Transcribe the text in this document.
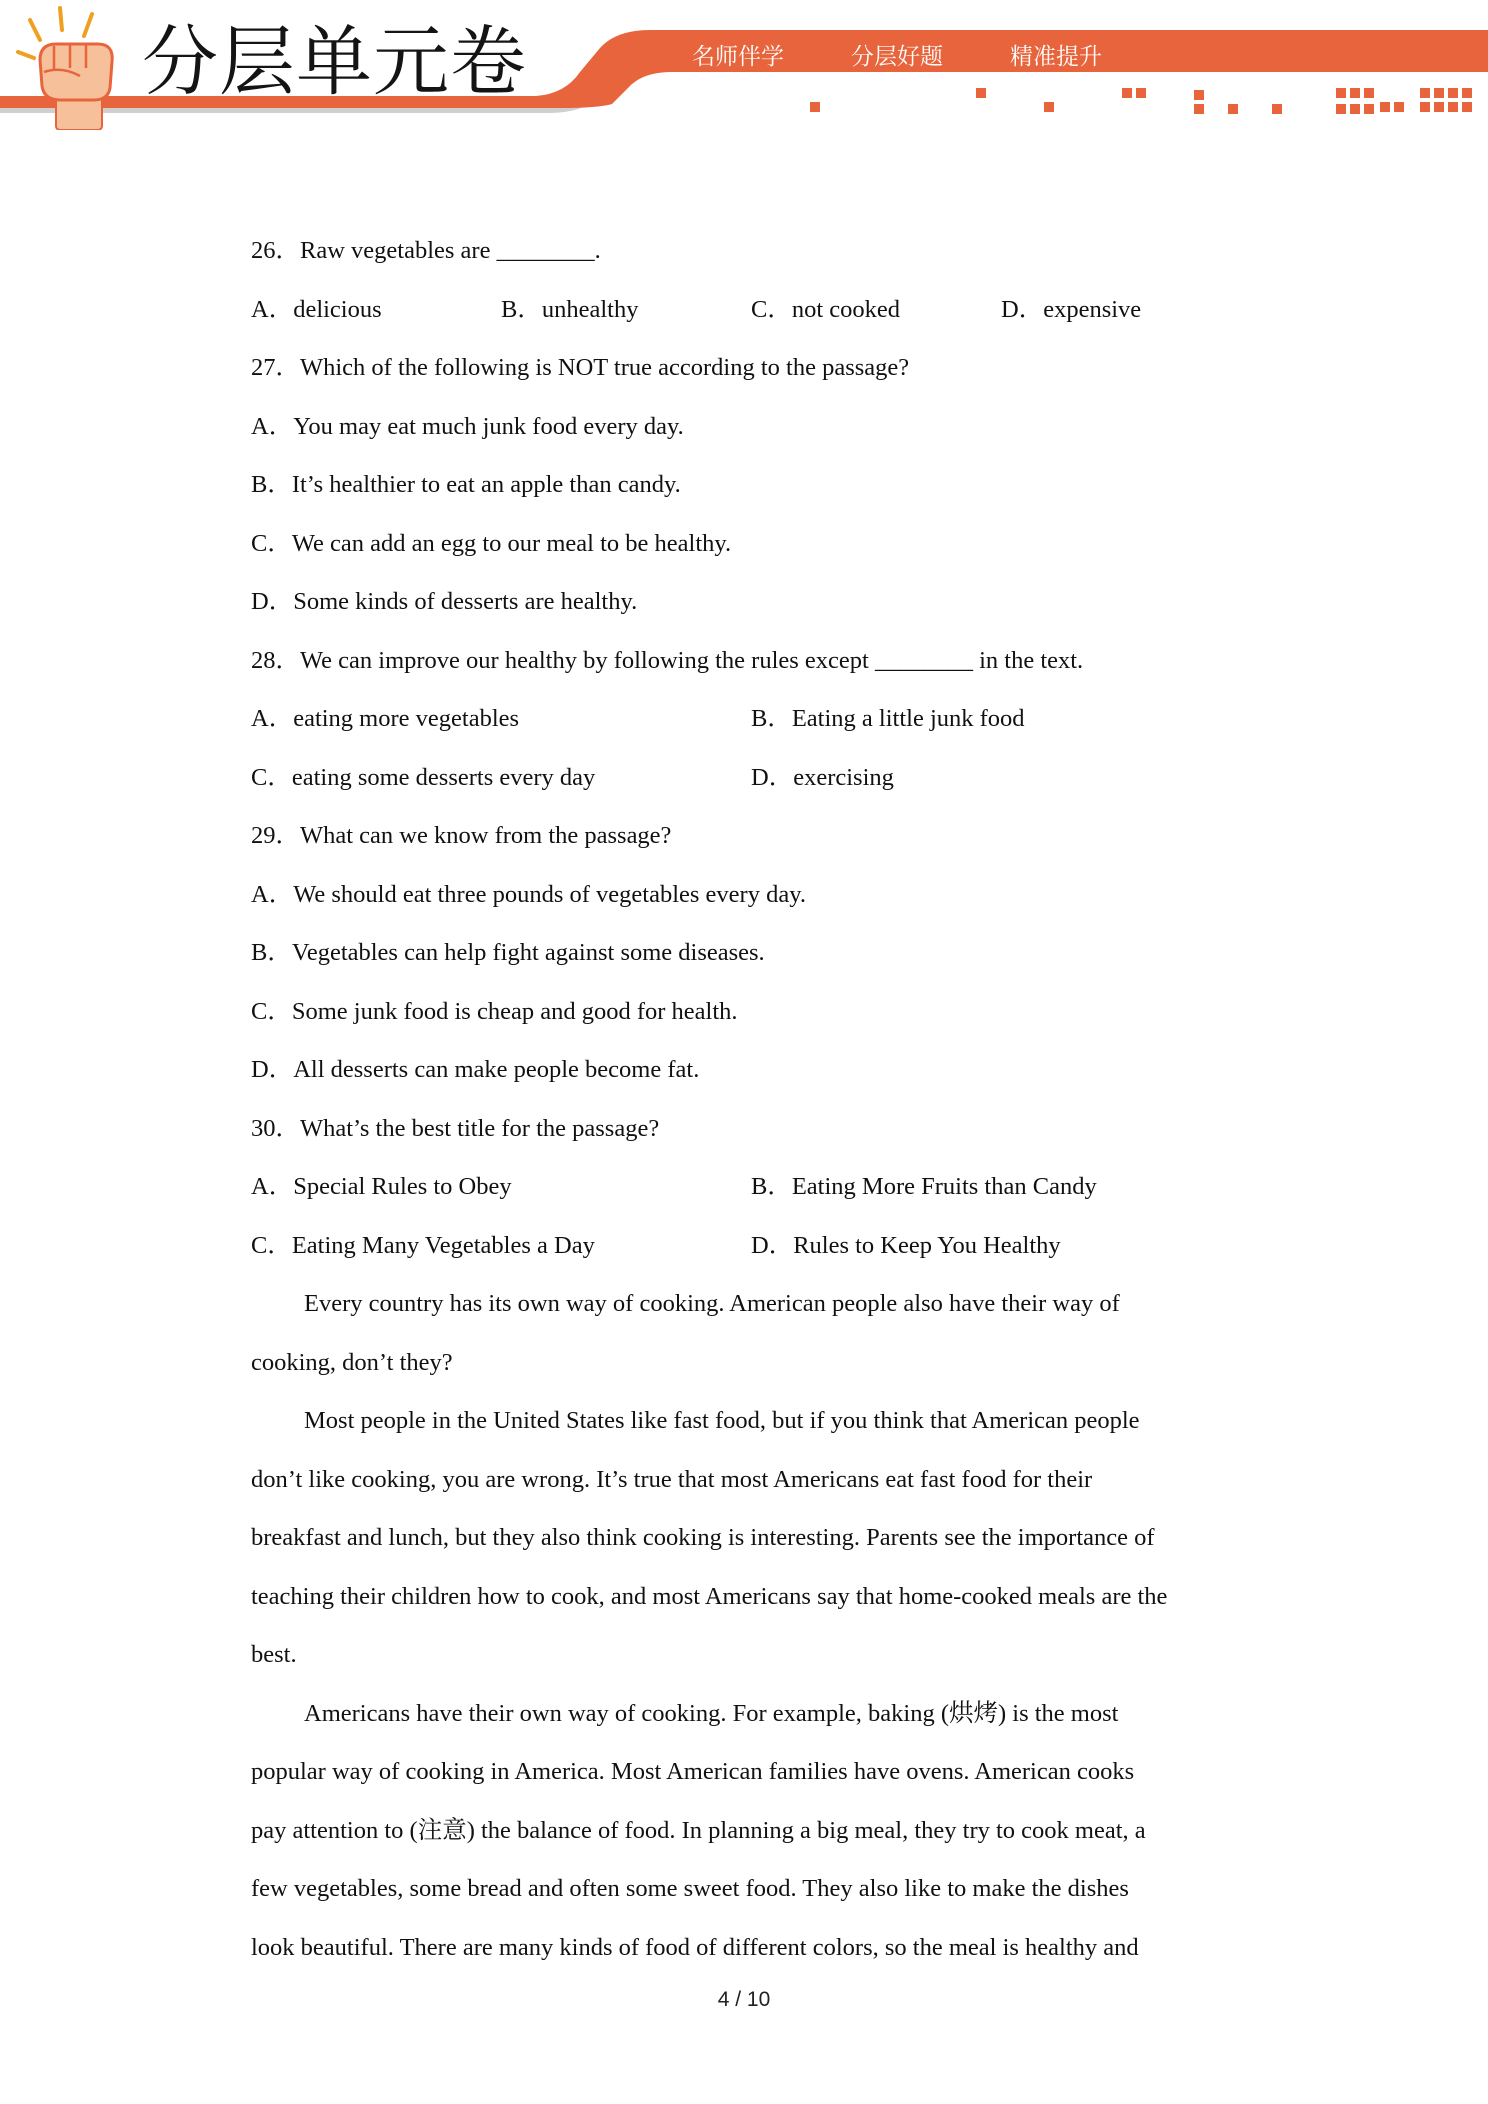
分层单元卷	名师伴学	分层好题	精准提升

26．Raw vegetables are ________.

A．delicious	B．unhealthy	C．not cooked	D．expensive

27．Which of the following is NOT true according to the passage?

A．You may eat much junk food every day.

B．It’s healthier to eat an apple than candy.

C．We can add an egg to our meal to be healthy.

D．Some kinds of desserts are healthy.

28．We can improve our healthy by following the rules except ________ in the text.

A．eating more vegetables	B．Eating a little junk food
C．eating some desserts every day	D．exercising

29．What can we know from the passage?

A．We should eat three pounds of vegetables every day.

B．Vegetables can help fight against some diseases.

C．Some junk food is cheap and good for health.

D．All desserts can make people become fat.

30．What’s the best title for the passage?

A．Special Rules to Obey	B．Eating More Fruits than Candy
C．Eating Many Vegetables a Day	D．Rules to Keep You Healthy

Every country has its own way of cooking. American people also have their way of

cooking, don’t they?

Most people in the United States like fast food, but if you think that American people

don’t like cooking, you are wrong. It’s true that most Americans eat fast food for their

breakfast and lunch, but they also think cooking is interesting. Parents see the importance of

teaching their children how to cook, and most Americans say that home-cooked meals are the

best.

Americans have their own way of cooking. For example, baking (烘烤) is the most

popular way of cooking in America. Most American families have ovens. American cooks

pay attention to (注意) the balance of food. In planning a big meal, they try to cook meat, a

few vegetables, some bread and often some sweet food. They also like to make the dishes

look beautiful. There are many kinds of food of different colors, so the meal is healthy and

4 / 10
